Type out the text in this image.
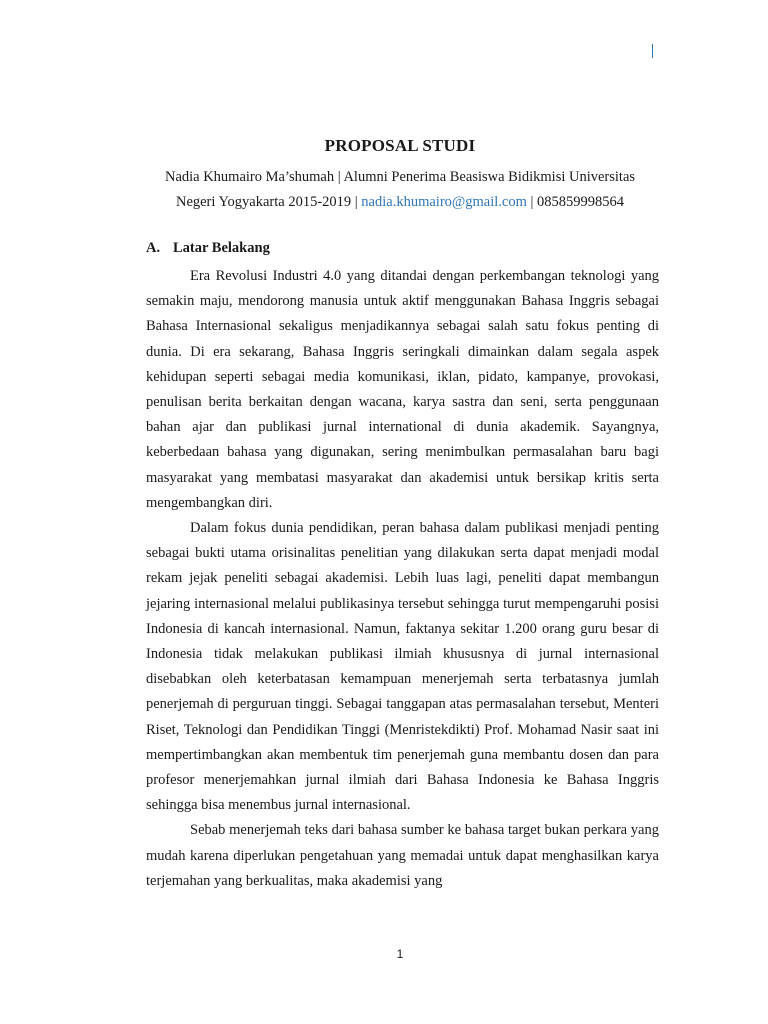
PROPOSAL STUDI
Nadia Khumairo Ma’shumah | Alumni Penerima Beasiswa Bidikmisi Universitas
Negeri Yogyakarta 2015-2019 | nadia.khumairo@gmail.com | 085859998564
A. Latar Belakang

Era Revolusi Industri 4.0 yang ditandai dengan perkembangan teknologi yang semakin maju, mendorong manusia untuk aktif menggunakan Bahasa Inggris sebagai Bahasa Internasional sekaligus menjadikannya sebagai salah satu fokus penting di dunia. Di era sekarang, Bahasa Inggris seringkali dimainkan dalam segala aspek kehidupan seperti sebagai media komunikasi, iklan, pidato, kampanye, provokasi, penulisan berita berkaitan dengan wacana, karya sastra dan seni, serta penggunaan bahan ajar dan publikasi jurnal international di dunia akademik. Sayangnya, keberbedaan bahasa yang digunakan, sering menimbulkan permasalahan baru bagi masyarakat yang membatasi masyarakat dan akademisi untuk bersikap kritis serta mengembangkan diri.

Dalam fokus dunia pendidikan, peran bahasa dalam publikasi menjadi penting sebagai bukti utama orisinalitas penelitian yang dilakukan serta dapat menjadi modal rekam jejak peneliti sebagai akademisi. Lebih luas lagi, peneliti dapat membangun jejaring internasional melalui publikasinya tersebut sehingga turut mempengaruhi posisi Indonesia di kancah internasional. Namun, faktanya sekitar 1.200 orang guru besar di Indonesia tidak melakukan publikasi ilmiah khususnya di jurnal internasional disebabkan oleh keterbatasan kemampuan menerjemah serta terbatasnya jumlah penerjemah di perguruan tinggi. Sebagai tanggapan atas permasalahan tersebut, Menteri Riset, Teknologi dan Pendidikan Tinggi (Menristekdikti) Prof. Mohamad Nasir saat ini mempertimbangkan akan membentuk tim penerjemah guna membantu dosen dan para profesor menerjemahkan jurnal ilmiah dari Bahasa Indonesia ke Bahasa Inggris sehingga bisa menembus jurnal internasional.

Sebab menerjemah teks dari bahasa sumber ke bahasa target bukan perkara yang mudah karena diperlukan pengetahuan yang memadai untuk dapat menghasilkan karya terjemahan yang berkualitas, maka akademisi yang

1
